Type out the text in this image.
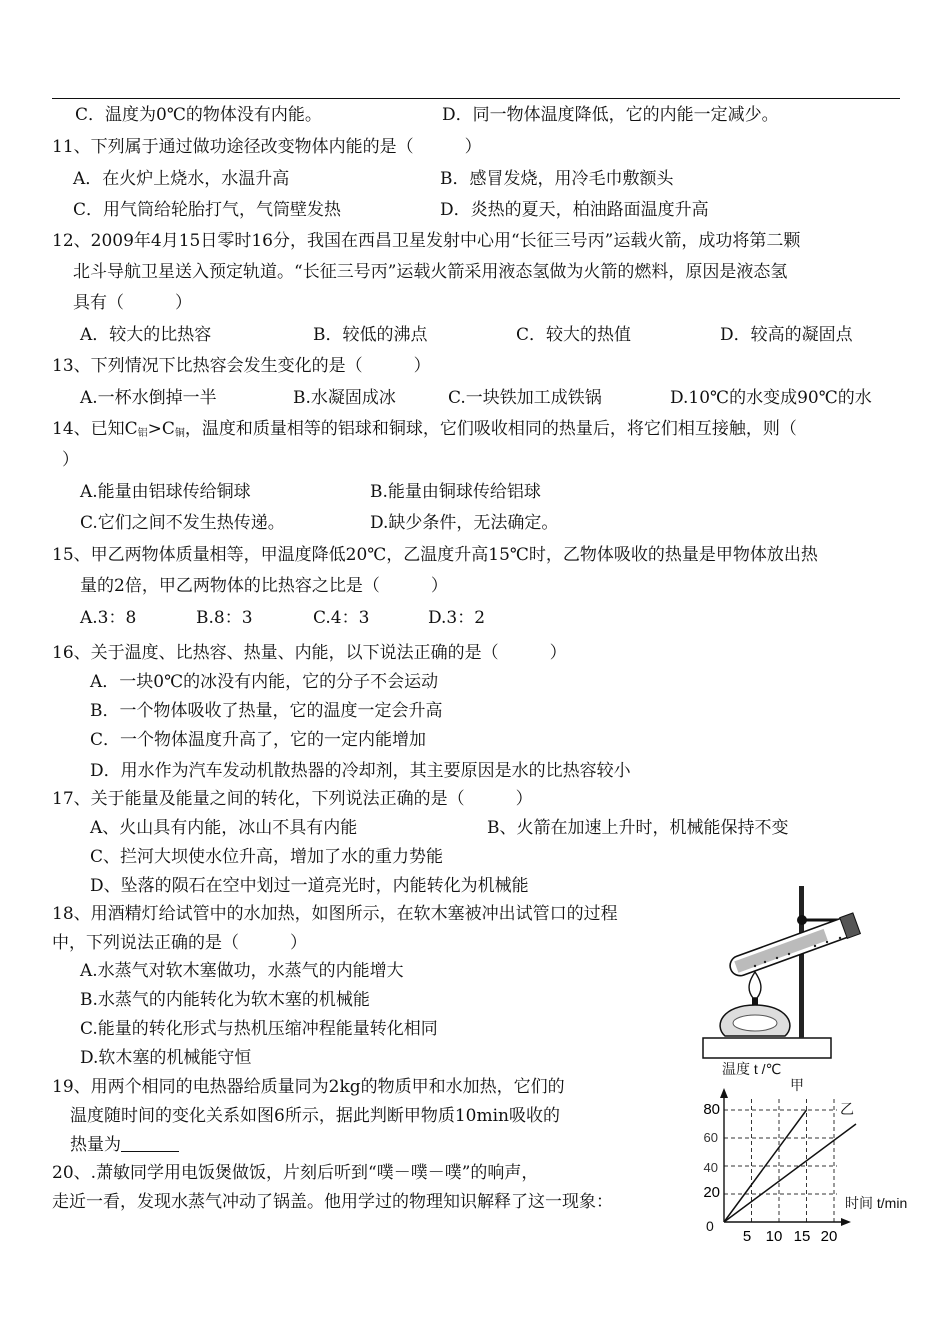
C．温度为0℃的物体没有内能。	D．同一物体温度降低，它的内能一定减少。
11、下列属于通过做功途径改变物体内能的是（　　　）
A．在火炉上烧水，水温升高	B．感冒发烧，用冷毛巾敷额头
C．用气筒给轮胎打气，气筒壁发热	D．炎热的夏天，柏油路面温度升高
12、2009年4月15日零时16分，我国在西昌卫星发射中心用“长征三号丙”运载火箭，成功将第二颗
北斗导航卫星送入预定轨道。“长征三号丙”运载火箭采用液态氢做为火箭的燃料，原因是液态氢
具有（　　　）
A．较大的比热容	B．较低的沸点	C．较大的热值	D．较高的凝固点
13、下列情况下比热容会发生变化的是（　　　）
A.一杯水倒掉一半	B.水凝固成冰	C.一块铁加工成铁锅	D.10℃的水变成90℃的水
14、已知$C_铝>C_铜$，温度和质量相等的铝球和铜球，它们吸收相同的热量后，将它们相互接触，则（
）
A.能量由铝球传给铜球	B.能量由铜球传给铝球
C.它们之间不发生热传递。	D.缺少条件，无法确定。
15、甲乙两物体质量相等，甲温度降低20℃，乙温度升高15℃时，乙物体吸收的热量是甲物体放出热
量的2倍，甲乙两物体的比热容之比是（　　　）
A.3：8	B.8：3	C.4：3	D.3：2
16、关于温度、比热容、热量、内能，以下说法正确的是（　　　）
A．一块0℃的冰没有内能，它的分子不会运动
B．一个物体吸收了热量，它的温度一定会升高
C．一个物体温度升高了，它的一定内能增加
D．用水作为汽车发动机散热器的冷却剂，其主要原因是水的比热容较小
17、关于能量及能量之间的转化，下列说法正确的是（　　　）
A、火山具有内能，冰山不具有内能	B、火箭在加速上升时，机械能保持不变
C、拦河大坝使水位升高，增加了水的重力势能
D、坠落的陨石在空中划过一道亮光时，内能转化为机械能
18、用酒精灯给试管中的水加热，如图所示，在软木塞被冲出试管口的过程
中，下列说法正确的是（　　　）
A.水蒸气对软木塞做功，水蒸气的内能增大
B.水蒸气的内能转化为软木塞的机械能
C.能量的转化形式与热机压缩冲程能量转化相同
D.软木塞的机械能守恒
19、用两个相同的电热器给质量同为2kg的物质甲和水加热，它们的
温度随时间的变化关系如图6所示，据此判断甲物质10min吸收的
热量为
20、.萧敏同学用电饭煲做饭，片刻后听到“噗－噗－噗”的响声，
走近一看，发现水蒸气冲动了锅盖。他用学过的物理知识解释了这一现象：
温度 t /℃
甲
乙
时间 t/min
0
20
40
60
80
5 10 15 20
